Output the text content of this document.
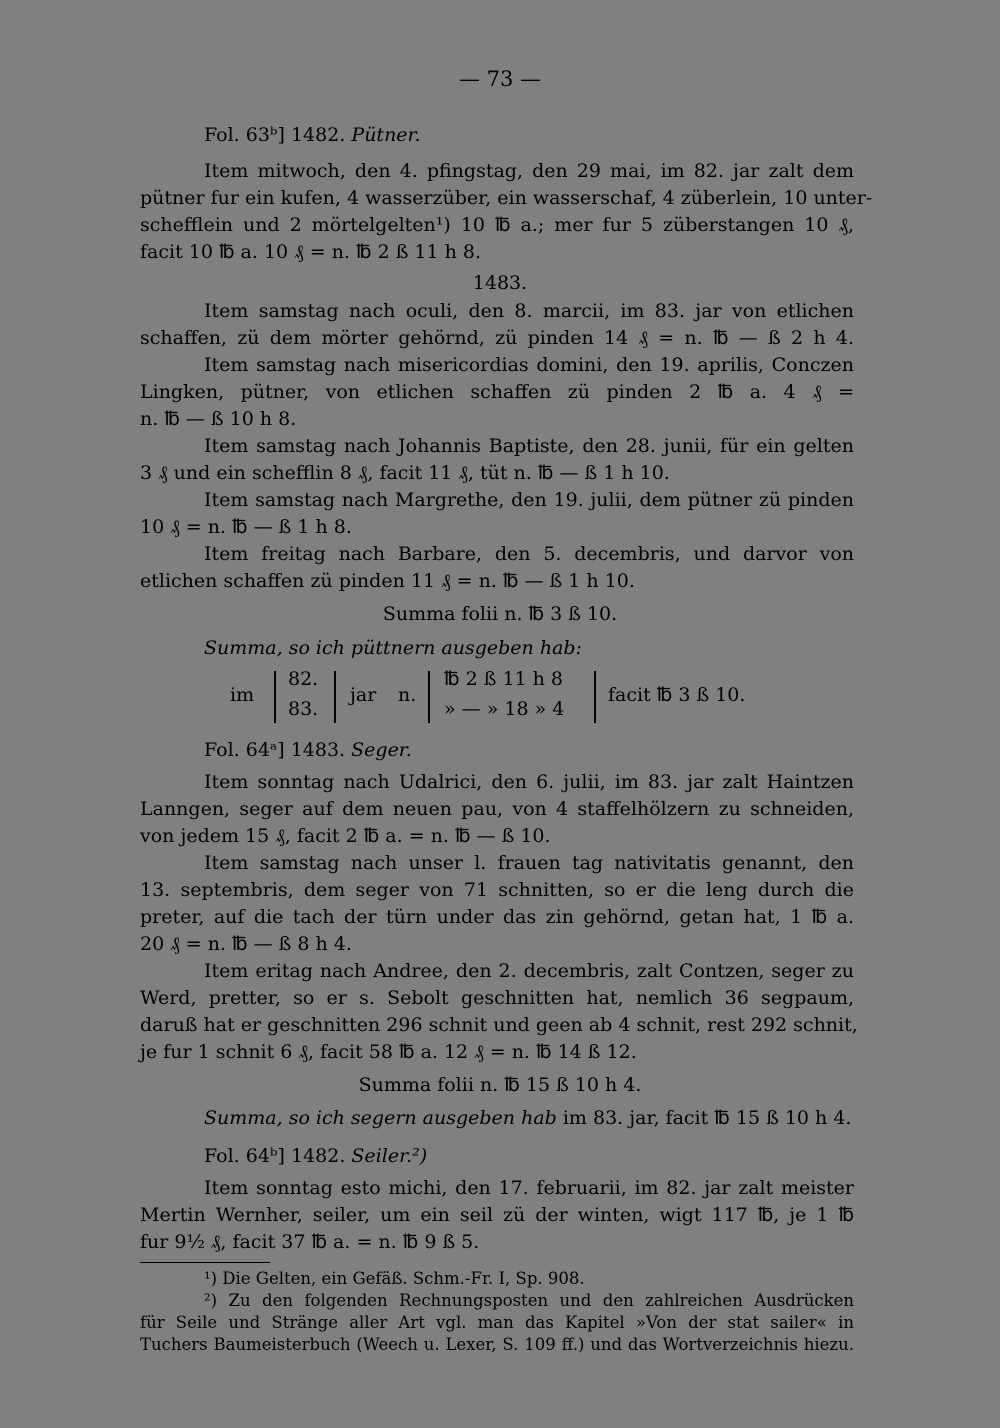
— 73 —
Fol. 63ᵇ] 1482. Pütner.
Item mitwoch, den 4. pfingstag, den 29 mai, im 82. jar zalt dem
pütner fur ein kufen, 4 wasserzüber, ein wasserschaf, 4 züberlein, 10 unter-
schefflein und 2 mörtelgelten¹) 10 ℔ a.; mer fur 5 züberstangen 10 ₰,
facit 10 ℔ a. 10 ₰ = n. ℔ 2 ß 11 h 8.
1483.
Item samstag nach oculi, den 8. marcii, im 83. jar von etlichen
schaffen, zü dem mörter gehörnd, zü pinden 14 ₰ = n. ℔ — ß 2 h 4.
Item samstag nach misericordias domini, den 19. aprilis, Conczen
Lingken, pütner, von etlichen schaffen zü pinden 2 ℔ a. 4 ₰ =
n. ℔ — ß 10 h 8.
Item samstag nach Johannis Baptiste, den 28. junii, für ein gelten
3 ₰ und ein schefflin 8 ₰, facit 11 ₰, tüt n. ℔ — ß 1 h 10.
Item samstag nach Margrethe, den 19. julii, dem pütner zü pinden
10 ₰ = n. ℔ — ß 1 h 8.
Item freitag nach Barbare, den 5. decembris, und darvor von
etlichen schaffen zü pinden 11 ₰ = n. ℔ — ß 1 h 10.
Summa folii n. ℔ 3 ß 10.
Summa, so ich püttnern ausgeben hab:
im
82.
83.
jar n.
℔ 2 ß 11 h 8
» — » 18 » 4
facit ℔ 3 ß 10.
Fol. 64ᵃ] 1483. Seger.
Item sonntag nach Udalrici, den 6. julii, im 83. jar zalt Haintzen
Lanngen, seger auf dem neuen pau, von 4 staffelhölzern zu schneiden,
von jedem 15 ₰, facit 2 ℔ a. = n. ℔ — ß 10.
Item samstag nach unser l. frauen tag nativitatis genannt, den
13. septembris, dem seger von 71 schnitten, so er die leng durch die
preter, auf die tach der türn under das zin gehörnd, getan hat, 1 ℔ a.
20 ₰ = n. ℔ — ß 8 h 4.
Item eritag nach Andree, den 2. decembris, zalt Contzen, seger zu
Werd, pretter, so er s. Sebolt geschnitten hat, nemlich 36 segpaum,
daruß hat er geschnitten 296 schnit und geen ab 4 schnit, rest 292 schnit,
je fur 1 schnit 6 ₰, facit 58 ℔ a. 12 ₰ = n. ℔ 14 ß 12.
Summa folii n. ℔ 15 ß 10 h 4.
Summa, so ich segern ausgeben hab im 83. jar, facit ℔ 15 ß 10 h 4.
Fol. 64ᵇ] 1482. Seiler.²)
Item sonntag esto michi, den 17. februarii, im 82. jar zalt meister
Mertin Wernher, seiler, um ein seil zü der winten, wigt 117 ℔, je 1 ℔
fur 9½ ₰, facit 37 ℔ a. = n. ℔ 9 ß 5.
¹) Die Gelten, ein Gefäß. Schm.-Fr. I, Sp. 908.
²) Zu den folgenden Rechnungsposten und den zahlreichen Ausdrücken
für Seile und Stränge aller Art vgl. man das Kapitel »Von der stat sailer« in
Tuchers Baumeisterbuch (Weech u. Lexer, S. 109 ff.) und das Wortverzeichnis hiezu.
